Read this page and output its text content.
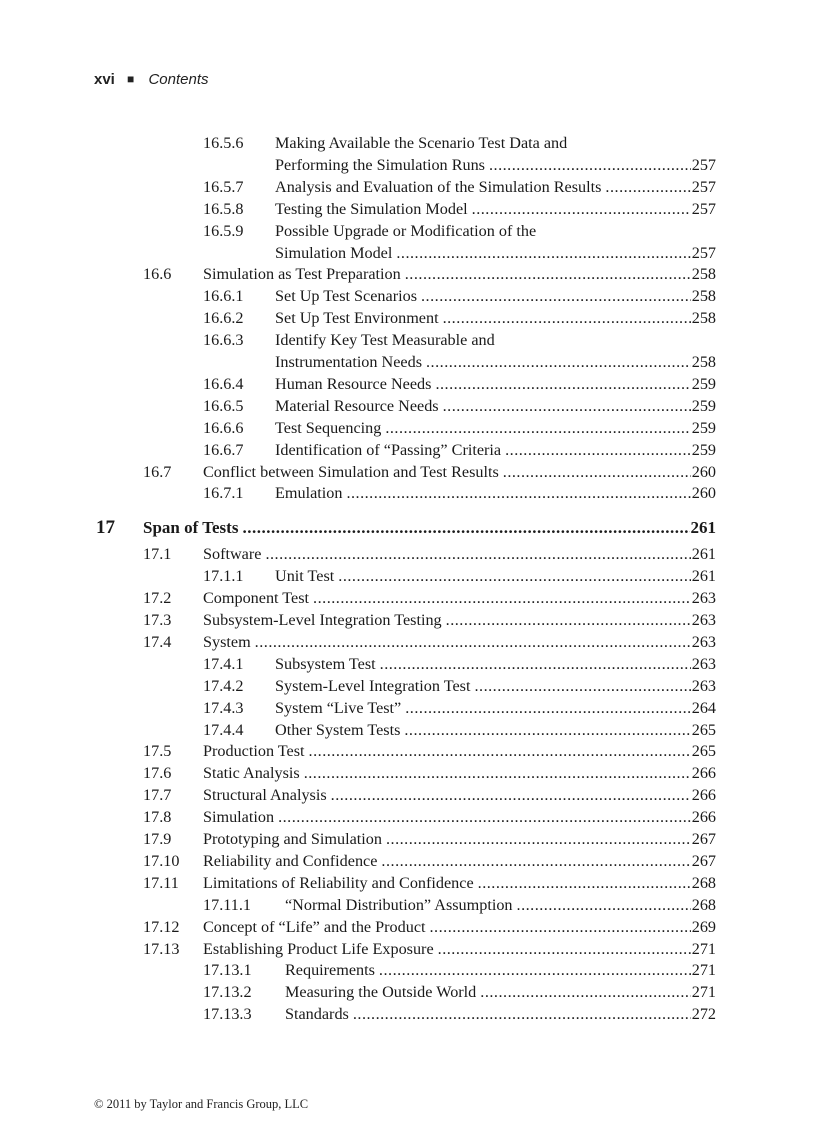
xvi ■ Contents
16.5.6 Making Available the Scenario Test Data and
Performing the Simulation Runs .....	257
16.5.7 Analysis and Evaluation of the Simulation Results .....	257
16.5.8 Testing the Simulation Model .....	257
16.5.9 Possible Upgrade or Modification of the
Simulation Model .....	257
16.6 Simulation as Test Preparation .....	258
16.6.1 Set Up Test Scenarios .....	258
16.6.2 Set Up Test Environment .....	258
16.6.3 Identify Key Test Measurable and
Instrumentation Needs .....	258
16.6.4 Human Resource Needs .....	259
16.6.5 Material Resource Needs .....	259
16.6.6 Test Sequencing .....	259
16.6.7 Identification of “Passing” Criteria .....	259
16.7 Conflict between Simulation and Test Results .....	260
16.7.1 Emulation .....	260
17 Span of Tests .....	261
17.1 Software .....	261
17.1.1 Unit Test .....	261
17.2 Component Test .....	263
17.3 Subsystem-Level Integration Testing .....	263
17.4 System .....	263
17.4.1 Subsystem Test .....	263
17.4.2 System-Level Integration Test .....	263
17.4.3 System “Live Test” .....	264
17.4.4 Other System Tests .....	265
17.5 Production Test .....	265
17.6 Static Analysis .....	266
17.7 Structural Analysis .....	266
17.8 Simulation .....	266
17.9 Prototyping and Simulation .....	267
17.10 Reliability and Confidence .....	267
17.11 Limitations of Reliability and Confidence .....	268
17.11.1 “Normal Distribution” Assumption .....	268
17.12 Concept of “Life” and the Product .....	269
17.13 Establishing Product Life Exposure .....	271
17.13.1 Requirements .....	271
17.13.2 Measuring the Outside World .....	271
17.13.3 Standards .....	272
© 2011 by Taylor and Francis Group, LLC
